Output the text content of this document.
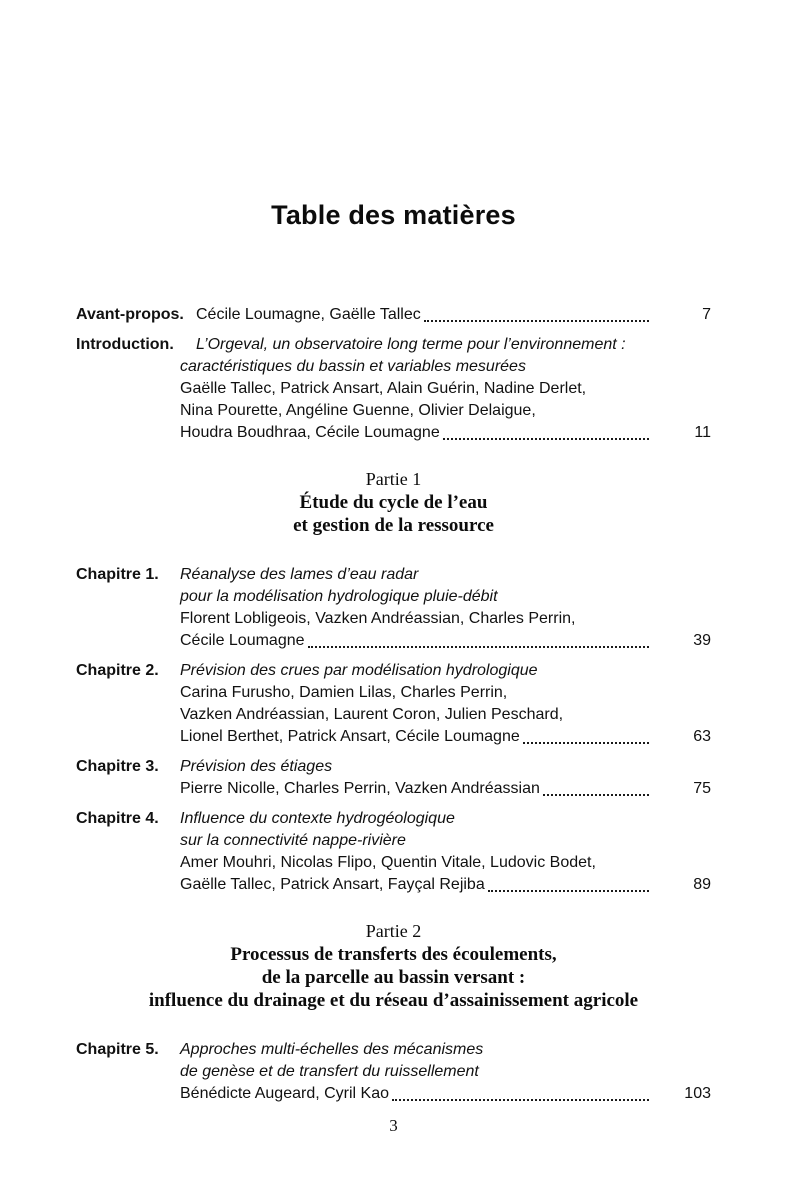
Table des matières
Avant-propos. Cécile Loumagne, Gaëlle Tallec	7
Introduction.	L’Orgeval, un observatoire long terme pour l’environnement :
caractéristiques du bassin et variables mesurées
Gaëlle Tallec, Patrick Ansart, Alain Guérin, Nadine Derlet,
Nina Pourette, Angéline Guenne, Olivier Delaigue,
Houdra Boudhraa, Cécile Loumagne	11
Partie 1
Étude du cycle de l’eau
et gestion de la ressource
Chapitre 1.	Réanalyse des lames d’eau radar
pour la modélisation hydrologique pluie-débit
Florent Lobligeois, Vazken Andréassian, Charles Perrin,
Cécile Loumagne	39
Chapitre 2.	Prévision des crues par modélisation hydrologique
Carina Furusho, Damien Lilas, Charles Perrin,
Vazken Andréassian, Laurent Coron, Julien Peschard,
Lionel Berthet, Patrick Ansart, Cécile Loumagne	63
Chapitre 3.	Prévision des étiages
Pierre Nicolle, Charles Perrin, Vazken Andréassian	75
Chapitre 4.	Influence du contexte hydrogéologique
sur la connectivité nappe-rivière
Amer Mouhri, Nicolas Flipo, Quentin Vitale, Ludovic Bodet,
Gaëlle Tallec, Patrick Ansart, Fayçal Rejiba	89
Partie 2
Processus de transferts des écoulements,
de la parcelle au bassin versant :
influence du drainage et du réseau d’assainissement agricole
Chapitre 5.	Approches multi-échelles des mécanismes
de genèse et de transfert du ruissellement
Bénédicte Augeard, Cyril Kao	103
3
